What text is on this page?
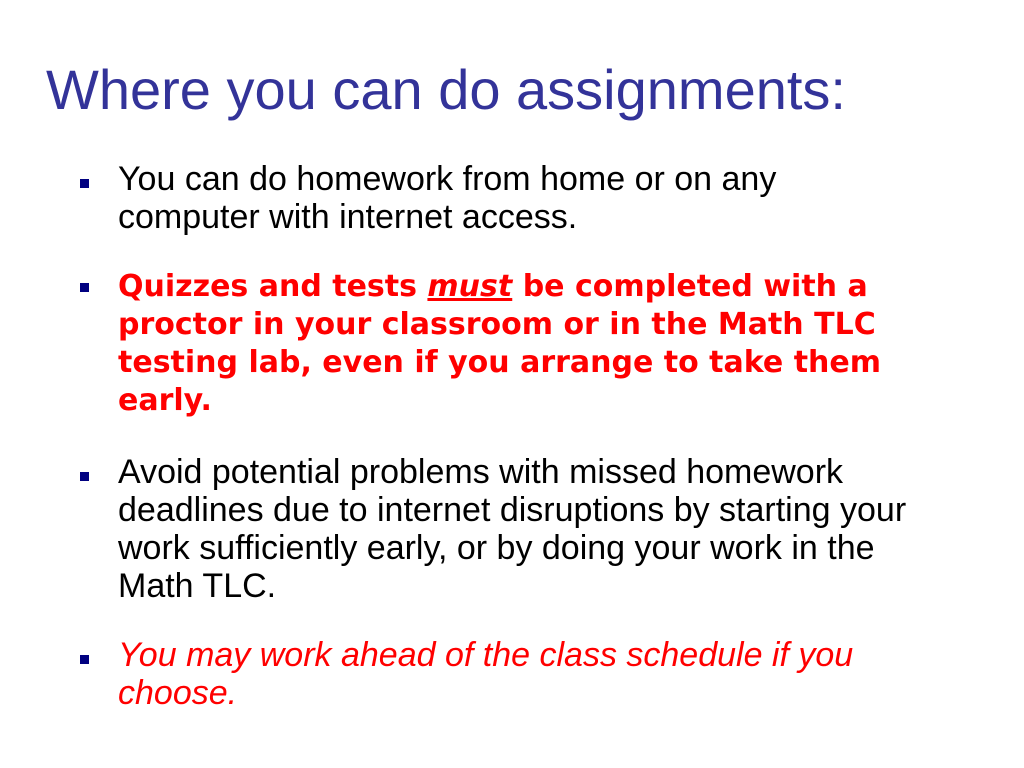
Where you can do assignments:

You can do homework from home or on any computer with internet access.

Quizzes and tests must be completed with a proctor in your classroom or in the Math TLC testing lab, even if you arrange to take them early.

Avoid potential problems with missed homework deadlines due to internet disruptions by starting your work sufficiently early, or by doing your work in the Math TLC.

You may work ahead of the class schedule if you choose.
